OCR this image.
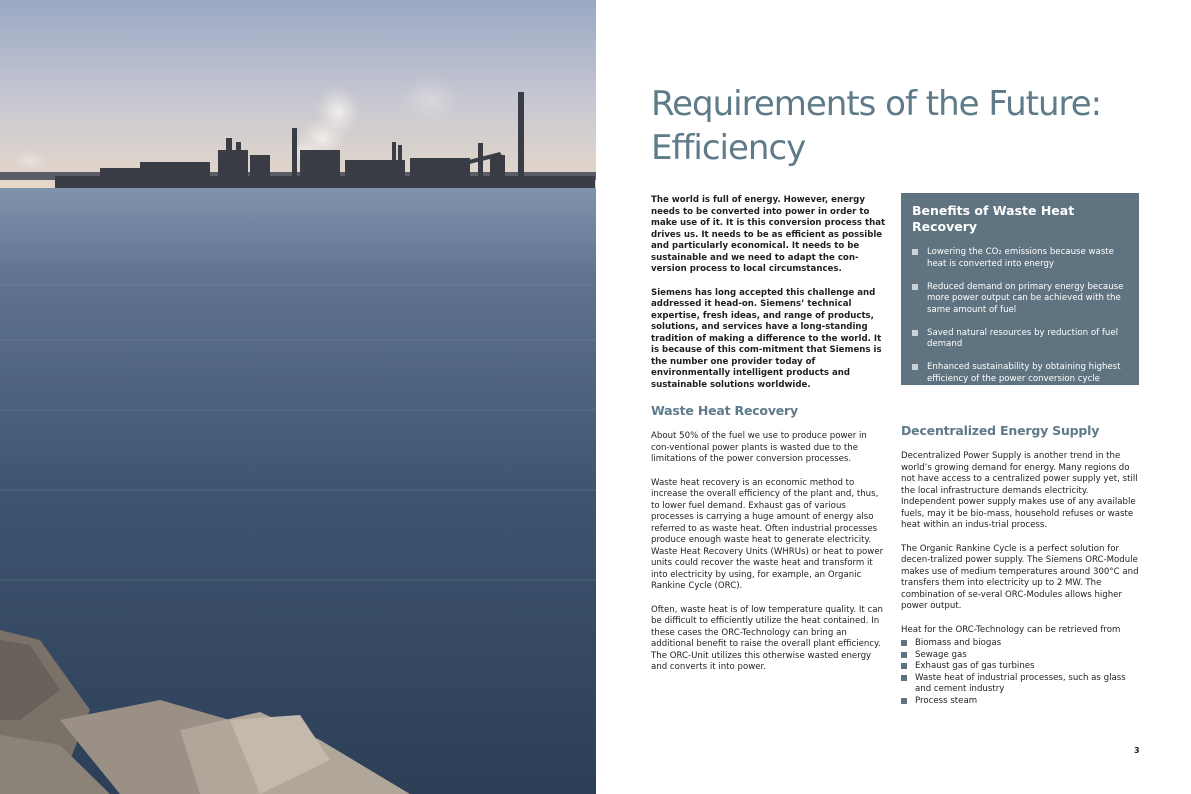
Requirements of the Future:
Efficiency

The world is full of energy. However, energy needs to be converted into power in order to make use of it. It is this conversion process that drives us. It needs to be as efficient as possible and particularly economical. It needs to be sustainable and we need to adapt the con-version process to local circumstances.

Siemens has long accepted this challenge and addressed it head-on. Siemens’ technical expertise, fresh ideas, and range of products, solutions, and services have a long-standing tradition of making a difference to the world. It is because of this com-mitment that Siemens is the number one provider today of environmentally intelligent products and sustainable solutions worldwide.

Waste Heat Recovery

About 50% of the fuel we use to produce power in con-ventional power plants is wasted due to the limitations of the power conversion processes.

Waste heat recovery is an economic method to increase the overall efficiency of the plant and, thus, to lower fuel demand. Exhaust gas of various processes is carrying a huge amount of energy also referred to as waste heat. Often industrial processes produce enough waste heat to generate electricity. Waste Heat Recovery Units (WHRUs) or heat to power units could recover the waste heat and transform it into electricity by using, for example, an Organic Rankine Cycle (ORC).

Often, waste heat is of low temperature quality. It can be difficult to efficiently utilize the heat contained. In these cases the ORC-Technology can bring an additional benefit to raise the overall plant efficiency. The ORC-Unit utilizes this otherwise wasted energy and converts it into power.

Benefits of Waste Heat Recovery
Lowering the CO₂ emissions because waste heat is converted into energy
Reduced demand on primary energy because more power output can be achieved with the same amount of fuel
Saved natural resources by reduction of fuel demand
Enhanced sustainability by obtaining highest efficiency of the power conversion cycle
Decentralized Energy Supply

Decentralized Power Supply is another trend in the world’s growing demand for energy. Many regions do not have access to a centralized power supply yet, still the local infrastructure demands electricity. Independent power supply makes use of any available fuels, may it be bio-mass, household refuses or waste heat within an indus-trial process.

The Organic Rankine Cycle is a perfect solution for decen-tralized power supply. The Siemens ORC-Module makes use of medium temperatures around 300°C and transfers them into electricity up to 2 MW. The combination of se-veral ORC-Modules allows higher power output.

Heat for the ORC-Technology can be retrieved from

Biomass and biogas
Sewage gas
Exhaust gas of gas turbines
Waste heat of industrial processes, such as glass and cement industry
Process steam
3
